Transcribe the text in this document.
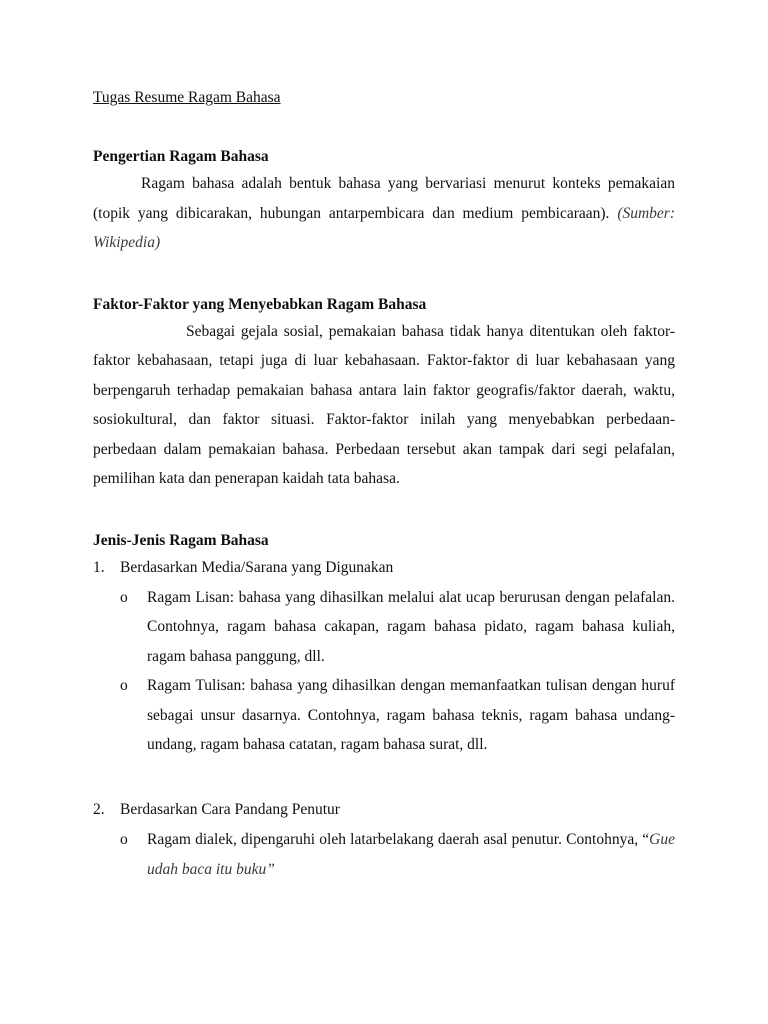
Tugas Resume Ragam Bahasa
Pengertian Ragam Bahasa

Ragam bahasa adalah bentuk bahasa yang bervariasi menurut konteks pemakaian (topik yang dibicarakan, hubungan antarpembicara dan medium pembicaraan). (Sumber: Wikipedia)

Faktor-Faktor yang Menyebabkan Ragam Bahasa

Sebagai gejala sosial, pemakaian bahasa tidak hanya ditentukan oleh faktor-faktor kebahasaan, tetapi juga di luar kebahasaan. Faktor-faktor di luar kebahasaan yang berpengaruh terhadap pemakaian bahasa antara lain faktor geografis/faktor daerah, waktu, sosiokultural, dan faktor situasi. Faktor-faktor inilah yang menyebabkan perbedaan-perbedaan dalam pemakaian bahasa. Perbedaan tersebut akan tampak dari segi pelafalan, pemilihan kata dan penerapan kaidah tata bahasa.

Jenis-Jenis Ragam Bahasa
1. Berdasarkan Media/Sarana yang Digunakan
o Ragam Lisan: bahasa yang dihasilkan melalui alat ucap berurusan dengan pelafalan. Contohnya, ragam bahasa cakapan, ragam bahasa pidato, ragam bahasa kuliah, ragam bahasa panggung, dll.
o Ragam Tulisan: bahasa yang dihasilkan dengan memanfaatkan tulisan dengan huruf sebagai unsur dasarnya. Contohnya, ragam bahasa teknis, ragam bahasa undang-undang, ragam bahasa catatan, ragam bahasa surat, dll.
2. Berdasarkan Cara Pandang Penutur
o Ragam dialek, dipengaruhi oleh latarbelakang daerah asal penutur. Contohnya, “Gue udah baca itu buku”
